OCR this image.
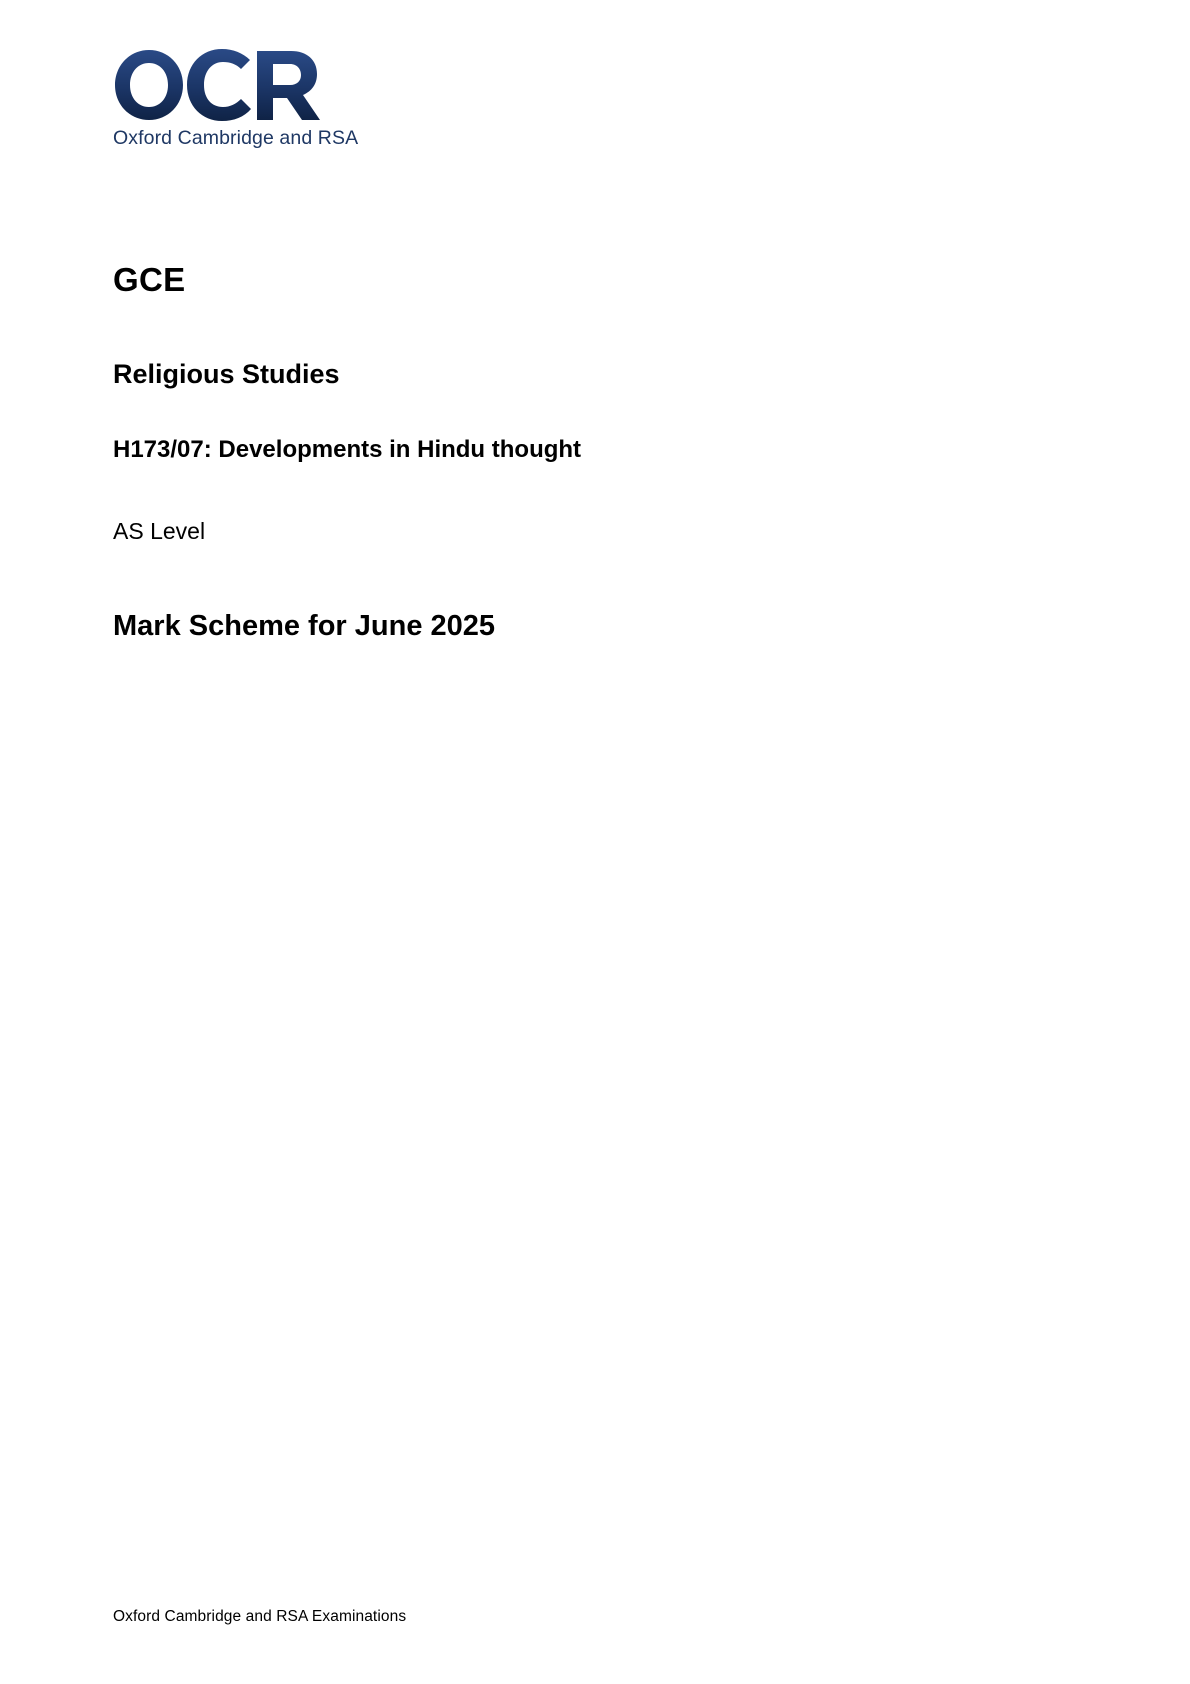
Oxford Cambridge and RSA
GCE
Religious Studies
H173/07: Developments in Hindu thought

AS Level

Mark Scheme for June 2025
Oxford Cambridge and RSA Examinations
